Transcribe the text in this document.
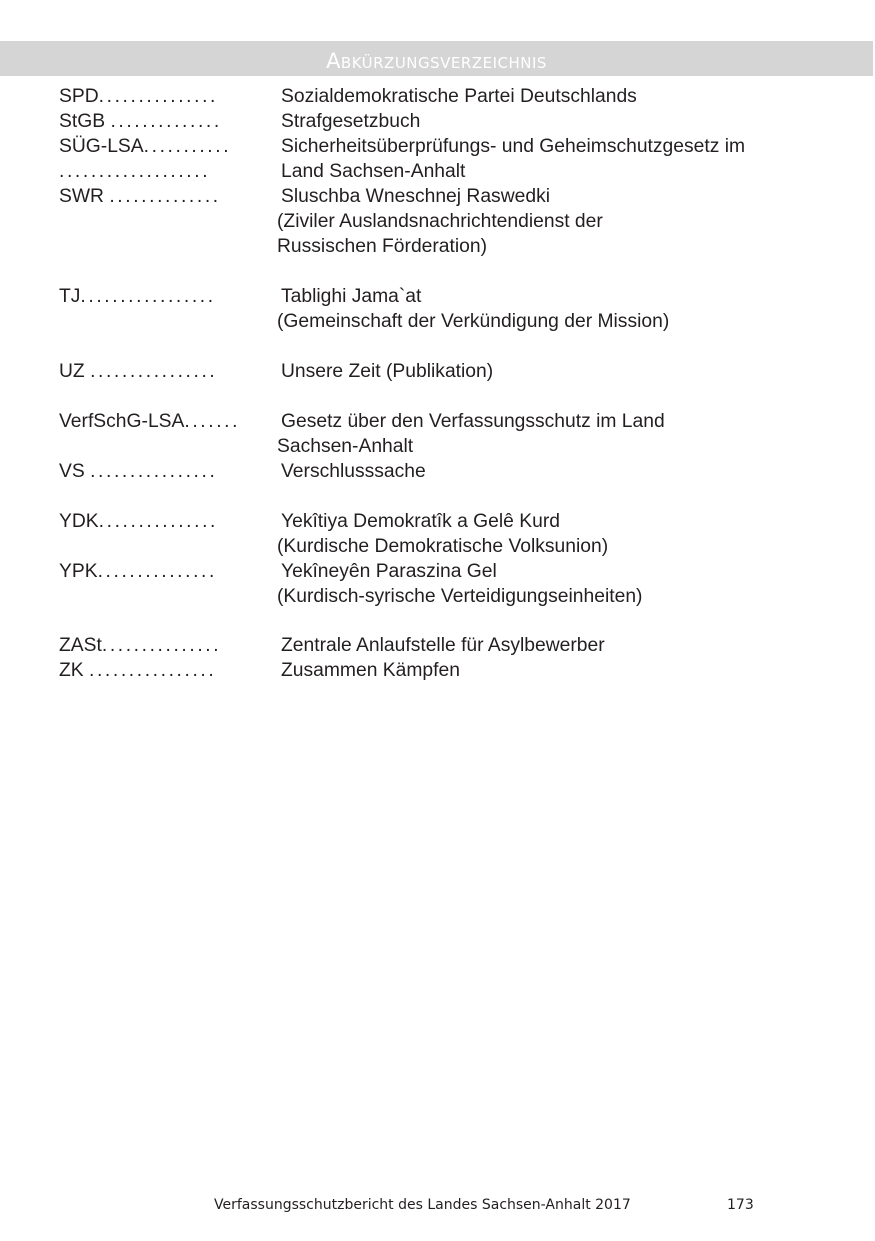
Abkürzungsverzeichnis
SPD...............	Sozialdemokratische Partei Deutschlands
StGB ..............	Strafgesetzbuch
SÜG-LSA...........	Sicherheitsüberprüfungs- und Geheimschutzgesetz im
...................	Land Sachsen-Anhalt
SWR ..............	Sluschba Wneschnej Raswedki
(Ziviler Auslandsnachrichtendienst der
Russischen Förderation)
TJ.................	Tablighi Jama`at
(Gemeinschaft der Verkündigung der Mission)
UZ ................	Unsere Zeit (Publikation)
VerfSchG-LSA.......	Gesetz über den Verfassungsschutz im Land
Sachsen-Anhalt
VS ................	Verschlusssache
YDK...............	Yekîtiya Demokratîk a Gelê Kurd
(Kurdische Demokratische Volksunion)
YPK...............	Yekîneyên Paraszina Gel
(Kurdisch-syrische Verteidigungseinheiten)
ZASt...............	Zentrale Anlaufstelle für Asylbewerber
ZK ................	Zusammen Kämpfen
Verfassungsschutzbericht des Landes Sachsen-Anhalt 2017	173
